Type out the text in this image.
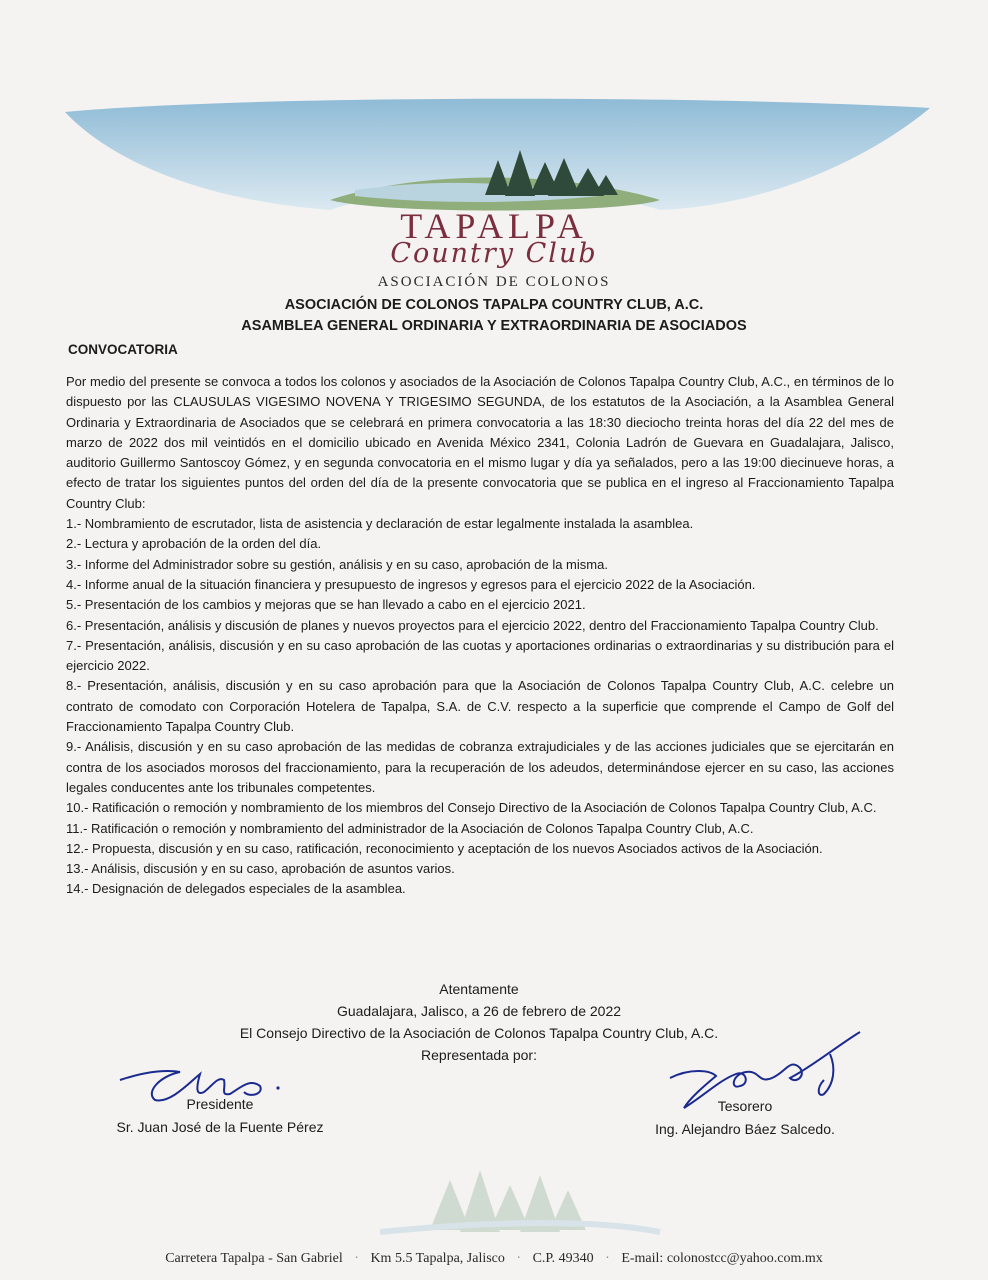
TAPALPA
Country Club
ASOCIACIÓN DE COLONOS
ASOCIACIÓN DE COLONOS TAPALPA COUNTRY CLUB, A.C.
ASAMBLEA GENERAL ORDINARIA Y EXTRAORDINARIA DE ASOCIADOS
CONVOCATORIA

Por medio del presente se convoca a todos los colonos y asociados de la Asociación de Colonos Tapalpa Country Club, A.C., en términos de lo dispuesto por las CLAUSULAS VIGESIMO NOVENA Y TRIGESIMO SEGUNDA, de los estatutos de la Asociación, a la Asamblea General Ordinaria y Extraordinaria de Asociados que se celebrará en primera convocatoria a las 18:30 dieciocho treinta horas del día 22 del mes de marzo de 2022 dos mil veintidós en el domicilio ubicado en Avenida México 2341, Colonia Ladrón de Guevara en Guadalajara, Jalisco, auditorio Guillermo Santoscoy Gómez, y en segunda convocatoria en el mismo lugar y día ya señalados, pero a las 19:00 diecinueve horas, a efecto de tratar los siguientes puntos del orden del día de la presente convocatoria que se publica en el ingreso al Fraccionamiento Tapalpa Country Club:

1.- Nombramiento de escrutador, lista de asistencia y declaración de estar legalmente instalada la asamblea.
2.- Lectura y aprobación de la orden del día.
3.- Informe del Administrador sobre su gestión, análisis y en su caso, aprobación de la misma.
4.- Informe anual de la situación financiera y presupuesto de ingresos y egresos para el ejercicio 2022 de la Asociación.
5.- Presentación de los cambios y mejoras que se han llevado a cabo en el ejercicio 2021.
6.- Presentación, análisis y discusión de planes y nuevos proyectos para el ejercicio 2022, dentro del Fraccionamiento Tapalpa Country Club.
7.- Presentación, análisis, discusión y en su caso aprobación de las cuotas y aportaciones ordinarias o extraordinarias y su distribución para el ejercicio 2022.
8.- Presentación, análisis, discusión y en su caso aprobación para que la Asociación de Colonos Tapalpa Country Club, A.C. celebre un contrato de comodato con Corporación Hotelera de Tapalpa, S.A. de C.V. respecto a la superficie que comprende el Campo de Golf del Fraccionamiento Tapalpa Country Club.
9.- Análisis, discusión y en su caso aprobación de las medidas de cobranza extrajudiciales y de las acciones judiciales que se ejercitarán en contra de los asociados morosos del fraccionamiento, para la recuperación de los adeudos, determinándose ejercer en su caso, las acciones legales conducentes ante los tribunales competentes.
10.- Ratificación o remoción y nombramiento de los miembros del Consejo Directivo de la Asociación de Colonos Tapalpa Country Club, A.C.
11.- Ratificación o remoción y nombramiento del administrador de la Asociación de Colonos Tapalpa Country Club, A.C.
12.- Propuesta, discusión y en su caso, ratificación, reconocimiento y aceptación de los nuevos Asociados activos de la Asociación.
13.- Análisis, discusión y en su caso, aprobación de asuntos varios.
14.- Designación de delegados especiales de la asamblea.
Atentamente
Guadalajara, Jalisco, a 26 de febrero de 2022
El Consejo Directivo de la Asociación de Colonos Tapalpa Country Club, A.C.
Representada por:
Presidente
Sr. Juan José de la Fuente Pérez
Tesorero
Ing. Alejandro Báez Salcedo.
Carretera Tapalpa - San Gabriel · Km 5.5 Tapalpa, Jalisco · C.P. 49340 · E-mail: colonostcc@yahoo.com.mx
